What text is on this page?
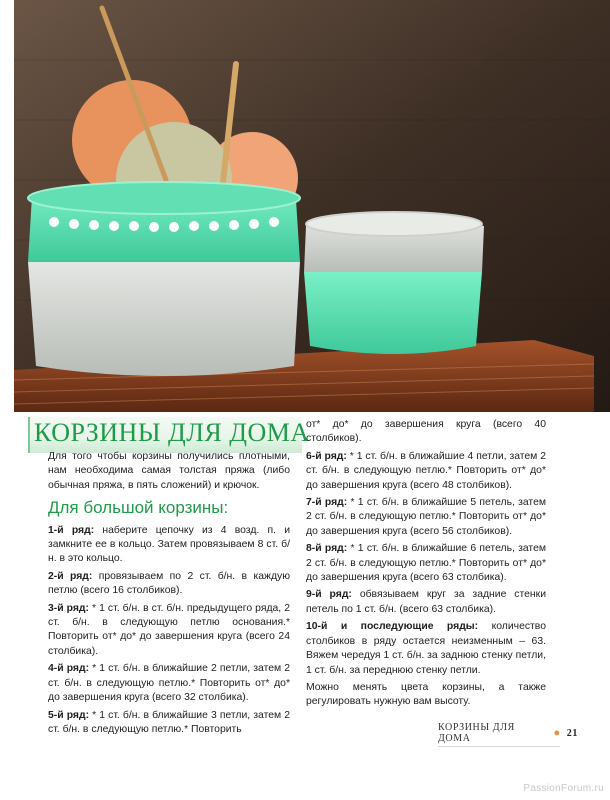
КОРЗИНЫ ДЛЯ ДОМА

Для того чтобы корзины получились плотными, нам необходима самая толстая пряжа (либо обычная пряжа, в пять сложений) и крючок.

Для большой корзины:

1-й ряд: наберите цепочку из 4 возд. п. и замкните ее в кольцо. Затем провязываем 8 ст. б/н. в это кольцо.

2-й ряд: провязываем по 2 ст. б/н. в каждую петлю (всего 16 столбиков).

3-й ряд: * 1 ст. б/н. в ст. б/н. предыдущего ряда, 2 ст. б/н. в следующую петлю основания.* Повторить от* до* до завершения круга (всего 24 столбика).

4-й ряд: * 1 ст. б/н. в ближайшие 2 петли, затем 2 ст. б/н. в следующую петлю.* Повторить от* до* до завершения круга (всего 32 столбика).

5-й ряд: * 1 ст. б/н. в ближайшие 3 петли, затем 2 ст. б/н. в следующую петлю.* Повторить

от* до* до завершения круга (всего 40 столбиков).

6-й ряд: * 1 ст. б/н. в ближайшие 4 петли, затем 2 ст. б/н. в следующую петлю.* Повторить от* до* до завершения круга (всего 48 столбиков).

7-й ряд: * 1 ст. б/н. в ближайшие 5 петель, затем 2 ст. б/н. в следующую петлю.* Повторить от* до* до завершения круга (всего 56 столбиков).

8-й ряд: * 1 ст. б/н. в ближайшие 6 петель, затем 2 ст. б/н. в следующую петлю.* Повторить от* до* до завершения круга (всего 63 столбика).

9-й ряд: обвязываем круг за задние стенки петель по 1 ст. б/н. (всего 63 столбика).

10-й и последующие ряды: количество столбиков в ряду остается неизменным – 63. Вяжем чередуя 1 ст. б/н. за заднюю стенку петли, 1 ст. б/н. за переднюю стенку петли.

Можно менять цвета корзины, а также регулировать нужную вам высоту.

КОРЗИНЫ ДЛЯ ДОМА	● 21
PassionForum.ru
